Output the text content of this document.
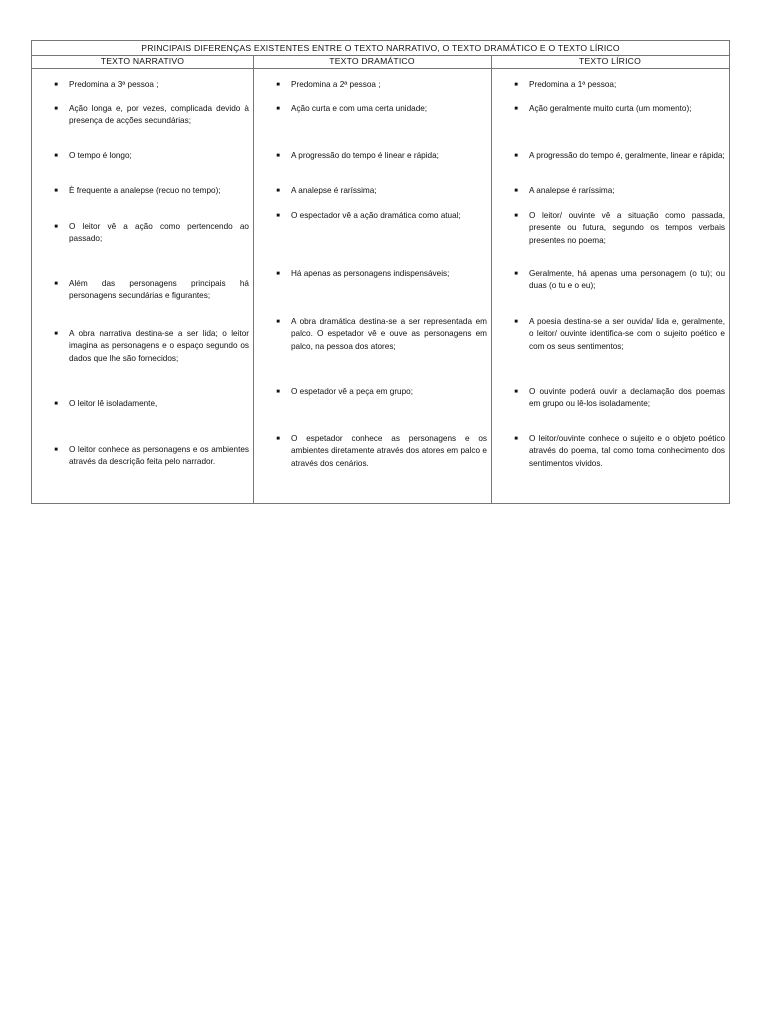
PRINCIPAIS DIFERENÇAS EXISTENTES ENTRE O TEXTO NARRATIVO, O TEXTO DRAMÁTICO E O TEXTO LÍRICO
TEXTO NARRATIVO	TEXTO DRAMÁTICO	TEXTO LÍRICO
■ Predomina a 3ª pessoa ;
■ Ação longa e, por vezes, complicada devido à presença de acções secundárias;
■ O tempo é longo;
■ È frequente a analepse (recuo no tempo);
■ O leitor vê a ação como pertencendo ao passado;
■ Além das personagens principais há personagens secundárias e figurantes;
■ A obra narrativa destina-se a ser lida; o leitor imagina as personagens e o espaço segundo os dados que lhe são fornecidos;
■ O leitor lê isoladamente,
■ O leitor conhece as personagens e os ambientes através da descrição feita pelo narrador.
■ Predomina a 2ª pessoa ;
■ Ação curta e com uma certa unidade;
■ A progressão do tempo é linear e rápida;
■ A analepse é raríssima;
■ O espectador vê a ação dramática como atual;
■ Há apenas as personagens indispensáveis;
■ A obra dramática destina-se a ser representada em palco. O espetador vê e ouve as personagens em palco, na pessoa dos atores;
■ O espetador vê a peça em grupo;
■ O espetador conhece as personagens e os ambientes diretamente através dos atores em palco e através dos cenários.
■ Predomina a 1ª pessoa;
■ Ação geralmente muito curta (um momento);
■ A progressão do tempo é, geralmente, linear e rápida;
■ A analepse é raríssima;
■ O leitor/ ouvinte vê a situação como passada, presente ou futura, segundo os tempos verbais presentes no poema;
■ Geralmente, há apenas uma personagem (o tu); ou duas (o tu e o eu);
■ A poesia destina-se a ser ouvida/ lida e, geralmente, o leitor/ ouvinte identifica-se com o sujeito poético e com os seus sentimentos;
■ O ouvinte poderá ouvir a declamação dos poemas em grupo ou lê-los isoladamente;
■ O leitor/ouvinte conhece o sujeito e o objeto poético através do poema, tal como toma conhecimento dos sentimentos vividos.
